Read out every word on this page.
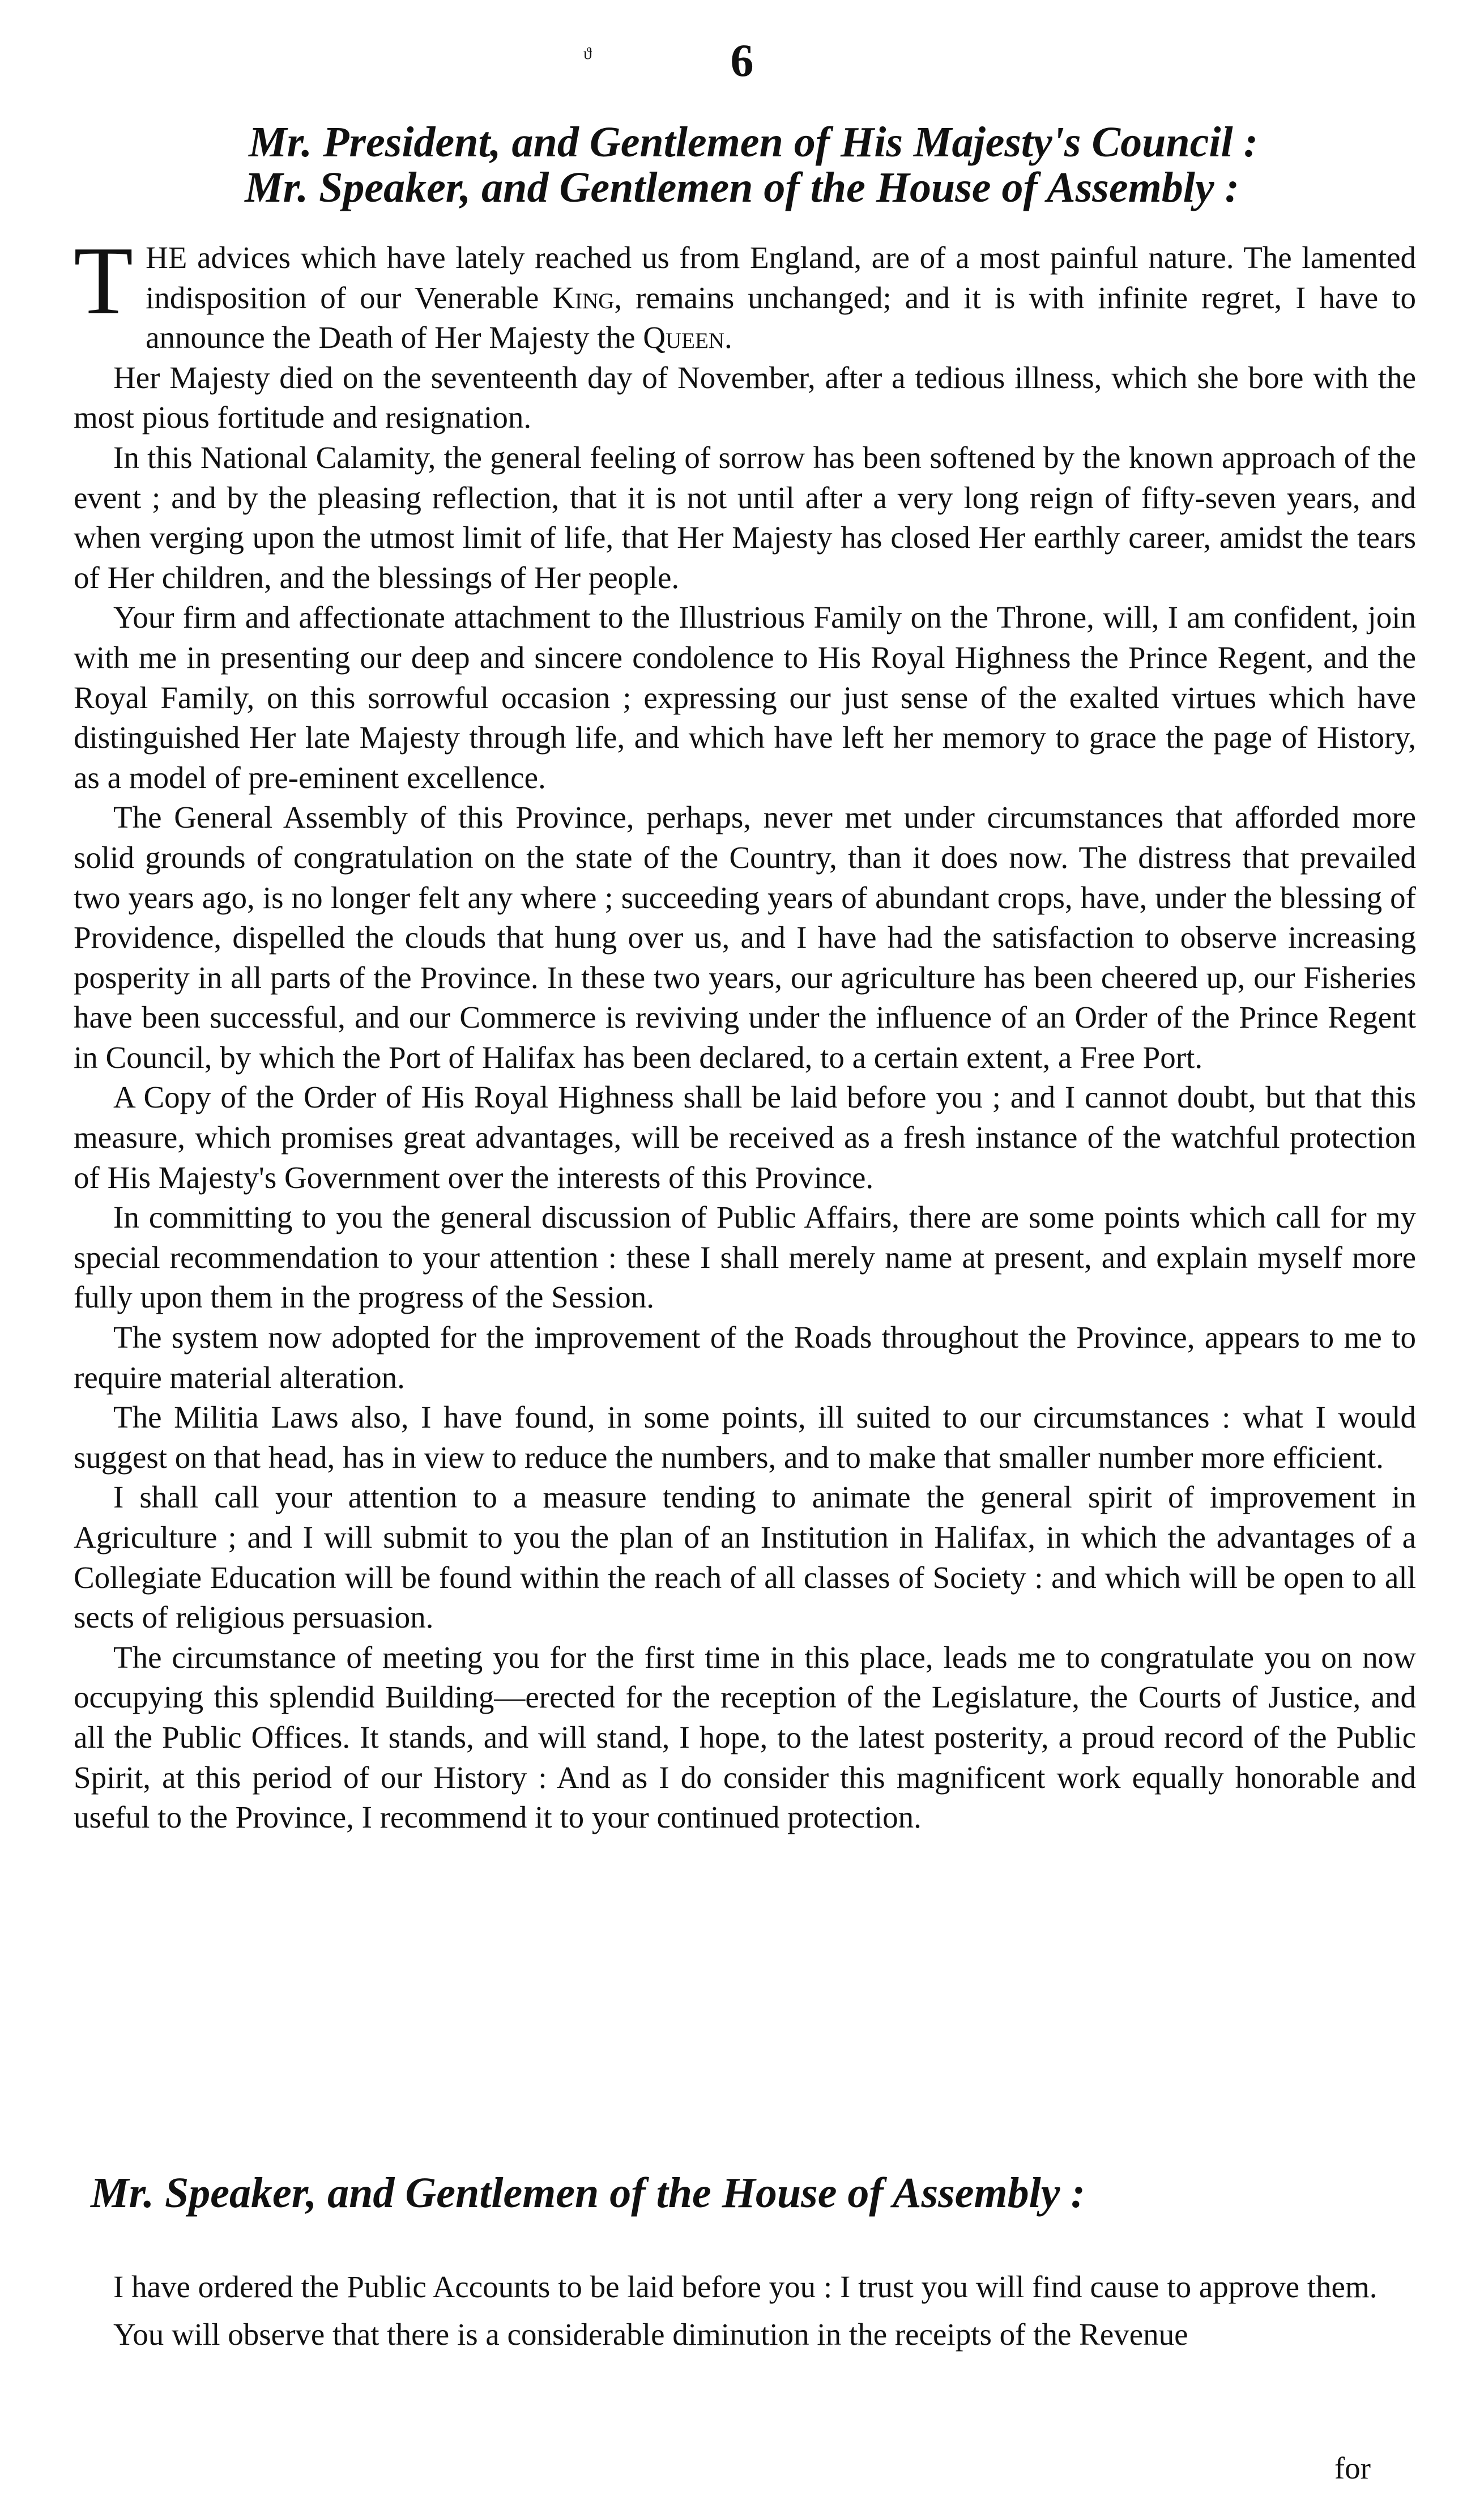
ϑ	6
Mr. President, and Gentlemen of His Majesty's Council :
Mr. Speaker, and Gentlemen of the House of Assembly :

THE advices which have lately reached us from England, are of a most painful nature. The lamented indisposition of our Venerable King, remains unchanged; and it is with infinite regret, I have to announce the Death of Her Majesty the Queen.

Her Majesty died on the seventeenth day of November, after a tedious illness, which she bore with the most pious fortitude and resignation.

In this National Calamity, the general feeling of sorrow has been softened by the known approach of the event ; and by the pleasing reflection, that it is not until after a very long reign of fifty-seven years, and when verging upon the utmost limit of life, that Her Majesty has closed Her earthly career, amidst the tears of Her children, and the blessings of Her people.

Your firm and affectionate attachment to the Illustrious Family on the Throne, will, I am confident, join with me in presenting our deep and sincere condolence to His Royal Highness the Prince Regent, and the Royal Family, on this sorrowful occasion ; expressing our just sense of the exalted virtues which have distinguished Her late Majesty through life, and which have left her memory to grace the page of History, as a model of pre-eminent excellence.

The General Assembly of this Province, perhaps, never met under circumstances that afforded more solid grounds of congratulation on the state of the Country, than it does now. The distress that prevailed two years ago, is no longer felt any where ; succeeding years of abundant crops, have, under the blessing of Providence, dispelled the clouds that hung over us, and I have had the satisfaction to observe increasing posperity in all parts of the Province. In these two years, our agriculture has been cheered up, our Fisheries have been successful, and our Commerce is reviving under the influence of an Order of the Prince Regent in Council, by which the Port of Halifax has been declared, to a certain extent, a Free Port.

A Copy of the Order of His Royal Highness shall be laid before you ; and I cannot doubt, but that this measure, which promises great advantages, will be received as a fresh instance of the watchful protection of His Majesty's Government over the interests of this Province.

In committing to you the general discussion of Public Affairs, there are some points which call for my special recommendation to your attention : these I shall merely name at present, and explain myself more fully upon them in the progress of the Session.

The system now adopted for the improvement of the Roads throughout the Province, appears to me to require material alteration.

The Militia Laws also, I have found, in some points, ill suited to our circumstances : what I would suggest on that head, has in view to reduce the numbers, and to make that smaller number more efficient.

I shall call your attention to a measure tending to animate the general spirit of improvement in Agriculture ; and I will submit to you the plan of an Institution in Halifax, in which the advantages of a Collegiate Education will be found within the reach of all classes of Society : and which will be open to all sects of religious persuasion.

The circumstance of meeting you for the first time in this place, leads me to congratulate you on now occupying this splendid Building—erected for the reception of the Legislature, the Courts of Justice, and all the Public Offices. It stands, and will stand, I hope, to the latest posterity, a proud record of the Public Spirit, at this period of our History : And as I do consider this magnificent work equally honorable and useful to the Province, I recommend it to your continued protection.

Mr. Speaker, and Gentlemen of the House of Assembly :

I have ordered the Public Accounts to be laid before you : I trust you will find cause to approve them.

You will observe that there is a considerable diminution in the receipts of the Revenue

for
